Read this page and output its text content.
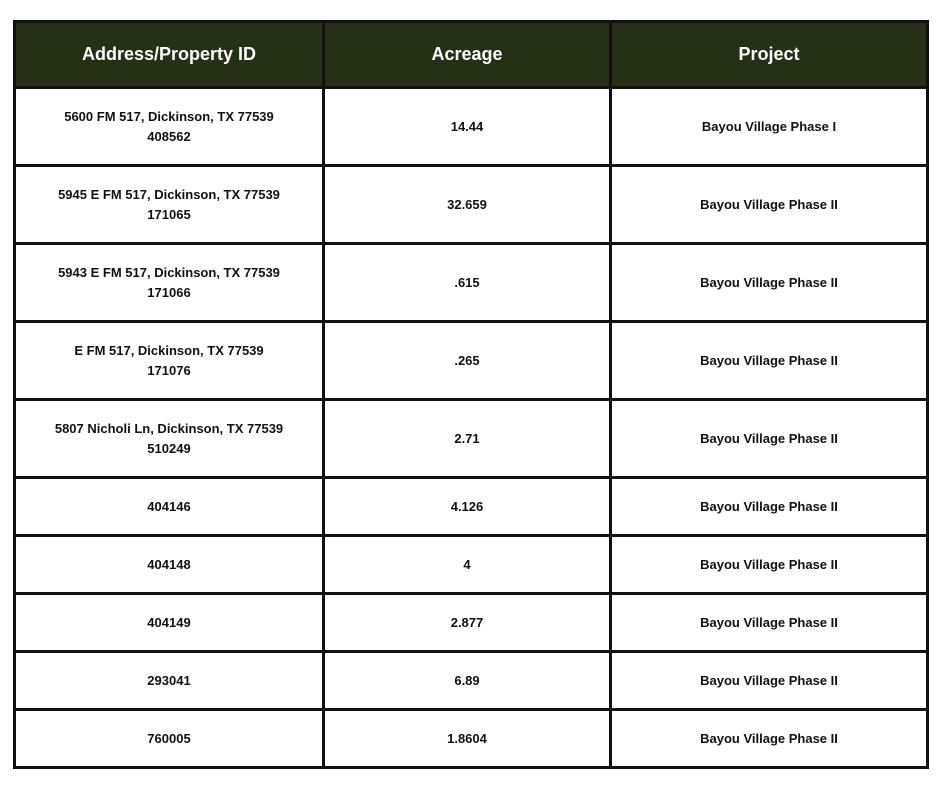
Address/Property ID	Acreage	Project

5600 FM 517, Dickinson, TX 77539
408562	14.44	Bayou Village Phase I

5945 E FM 517, Dickinson, TX 77539
171065	32.659	Bayou Village Phase II

5943 E FM 517, Dickinson, TX 77539
171066	.615	Bayou Village Phase II

E FM 517, Dickinson, TX 77539
171076	.265	Bayou Village Phase II

5807 Nicholi Ln, Dickinson, TX 77539
510249	2.71	Bayou Village Phase II
404146	4.126	Bayou Village Phase II
404148	4	Bayou Village Phase II
404149	2.877	Bayou Village Phase II
293041	6.89	Bayou Village Phase II
760005	1.8604	Bayou Village Phase II
